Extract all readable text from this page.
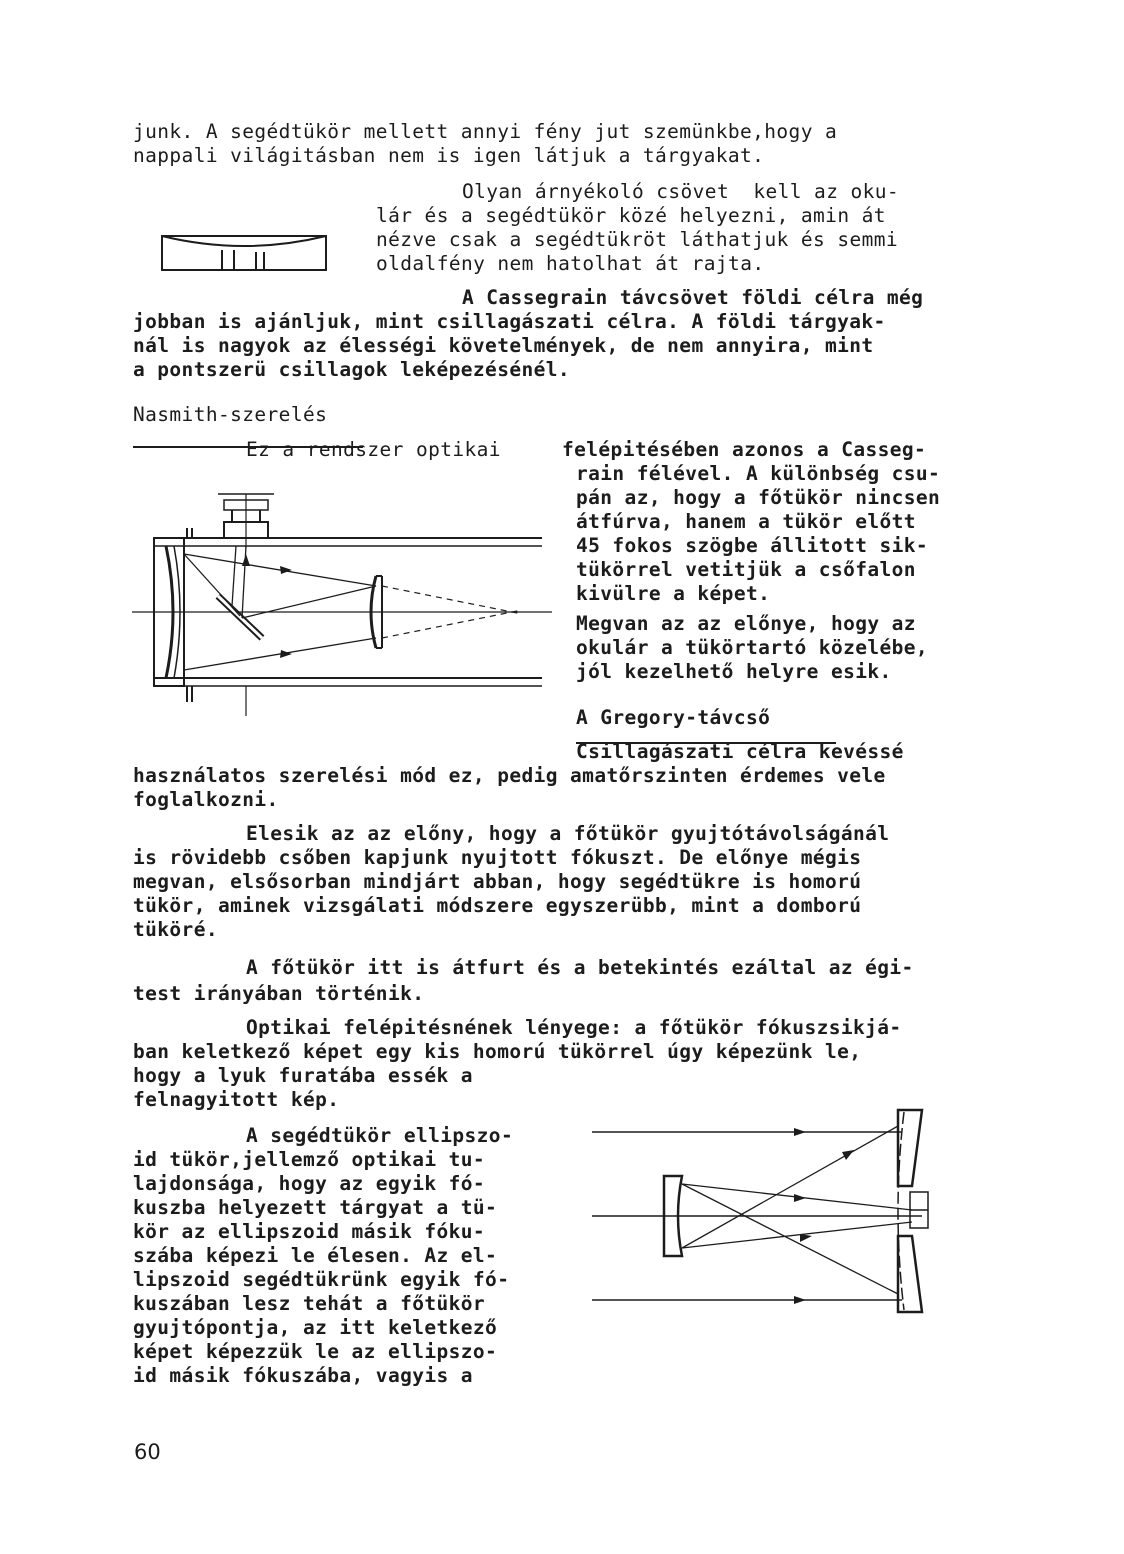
junk. A segédtükör mellett annyi fény jut szemünkbe,hogy a
nappali világitásban nem is igen látjuk a tárgyakat.
Olyan árnyékoló csövet  kell az oku-
lár és a segédtükör közé helyezni, amin át
nézve csak a segédtükröt láthatjuk és semmi
oldalfény nem hatolhat át rajta.
A Cassegrain távcsövet földi célra még
jobban is ajánljuk, mint csillagászati célra. A földi tárgyak-
nál is nagyok az élességi követelmények, de nem annyira, mint
a pontszerü csillagok leképezésénél.
Nasmith-szerelés
Ez a rendszer optikai	felépitésében azonos a Casseg-
rain félével. A különbség csu-
pán az, hogy a főtükör nincsen
átfúrva, hanem a tükör előtt
45 fokos szögbe állitott sik-
tükörrel vetitjük a csőfalon
kivülre a képet.
Megvan az az előnye, hogy az
okulár a tükörtartó közelébe,
jól kezelhető helyre esik.
A Gregory-távcső
Csillagászati célra kevéssé
használatos szerelési mód ez, pedig amatőrszinten érdemes vele
foglalkozni.
Elesik az az előny, hogy a főtükör gyujtótávolságánál
is rövidebb csőben kapjunk nyujtott fókuszt. De előnye mégis
megvan, elsősorban mindjárt abban, hogy segédtükre is homorú
tükör, aminek vizsgálati módszere egyszerübb, mint a domború
tüköré.
A főtükör itt is átfurt és a betekintés ezáltal az égi-
test irányában történik.
Optikai felépitésnének lényege: a főtükör fókuszsikjá-
ban keletkező képet egy kis homorú tükörrel úgy képezünk le,
hogy a lyuk furatába essék a
felnagyitott kép.
A segédtükör ellipszo-
id tükör,jellemző optikai tu-
lajdonsága, hogy az egyik fó-
kuszba helyezett tárgyat a tü-
kör az ellipszoid másik fóku-
szába képezi le élesen. Az el-
lipszoid segédtükrünk egyik fó-
kuszában lesz tehát a főtükör
gyujtópontja, az itt keletkező
képet képezzük le az ellipszo-
id másik fókuszába, vagyis a
60
